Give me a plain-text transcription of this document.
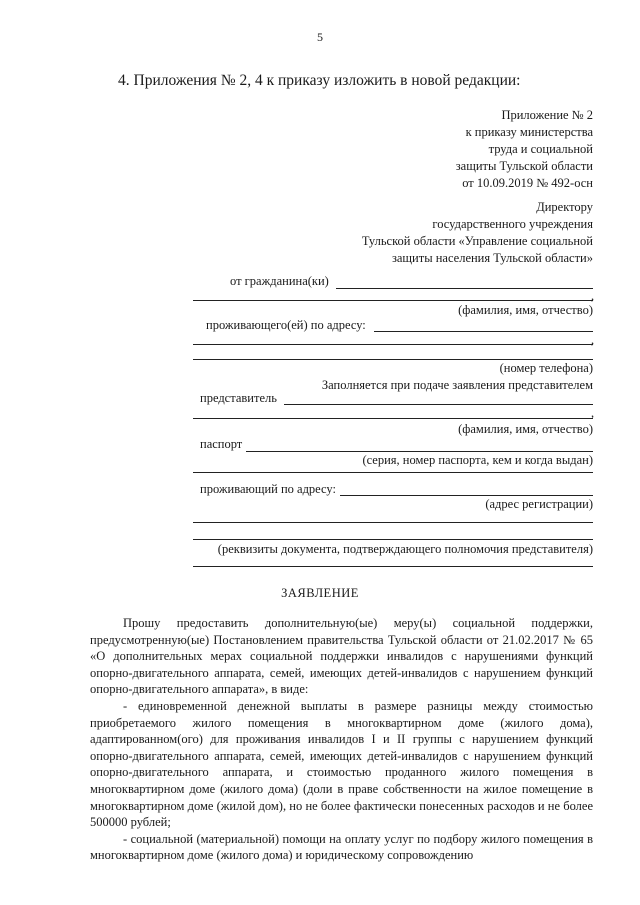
5
4. Приложения № 2, 4 к приказу изложить в новой редакции:
Приложение № 2
к приказу министерства
труда и социальной
защиты Тульской области
от 10.09.2019 № 492-осн
Директору
государственного учреждения
Тульской области «Управление социальной
защиты населения Тульской области»
от гражданина(ки)
,
(фамилия, имя, отчество)
проживающего(ей) по адресу:
,
(номер телефона)
Заполняется при подаче заявления представителем
представитель
,
(фамилия, имя, отчество)
паспорт
(серия, номер паспорта, кем и когда выдан)
проживающий по адресу:
(адрес регистрации)
(реквизиты документа, подтверждающего полномочия представителя)
ЗАЯВЛЕНИЕ

Прошу предоставить дополнительную(ые) меру(ы) социальной поддержки, предусмотренную(ые) Постановлением правительства Тульской области от 21.02.2017 № 65 «О дополнительных мерах социальной поддержки инвалидов с нарушениями функций опорно-двигательного аппарата, семей, имеющих детей-инвалидов с нарушением функций опорно-двигательного аппарата», в виде:

- единовременной денежной выплаты в размере разницы между стоимостью приобретаемого жилого помещения в многоквартирном доме (жилого дома), адаптированном(ого) для проживания инвалидов I и II группы с нарушением функций опорно-двигательного аппарата, семей, имеющих детей-инвалидов с нарушением функций опорно-двигательного аппарата, и стоимостью проданного жилого помещения в многоквартирном доме (жилого дома) (доли в праве собственности на жилое помещение в многоквартирном доме (жилой дом), но не более фактически понесенных расходов и не более 500000 рублей;

- социальной (материальной) помощи на оплату услуг по подбору жилого помещения в многоквартирном доме (жилого дома) и юридическому сопровождению
